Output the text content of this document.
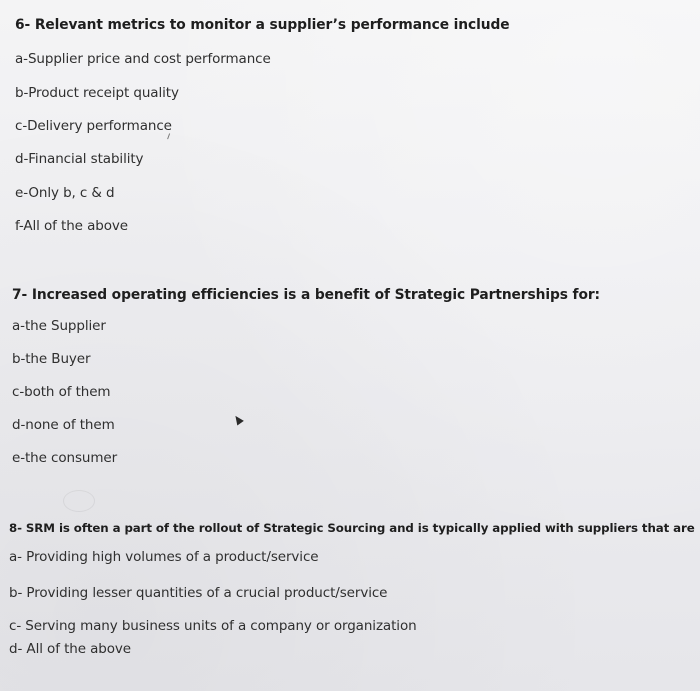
6- Relevant metrics to monitor a supplier’s performance include
a-Supplier price and cost performance
b-Product receipt quality
c-Delivery performance
d-Financial stability
e-Only b, c & d
f-All of the above
7- Increased operating efficiencies is a benefit of Strategic Partnerships for:
a-the Supplier
b-the Buyer
c-both of them
d-none of them
e-the consumer
8- SRM is often a part of the rollout of Strategic Sourcing and is typically applied with suppliers that are
a- Providing high volumes of a product/service
b- Providing lesser quantities of a crucial product/service
c- Serving many business units of a company or organization
d- All of the above
